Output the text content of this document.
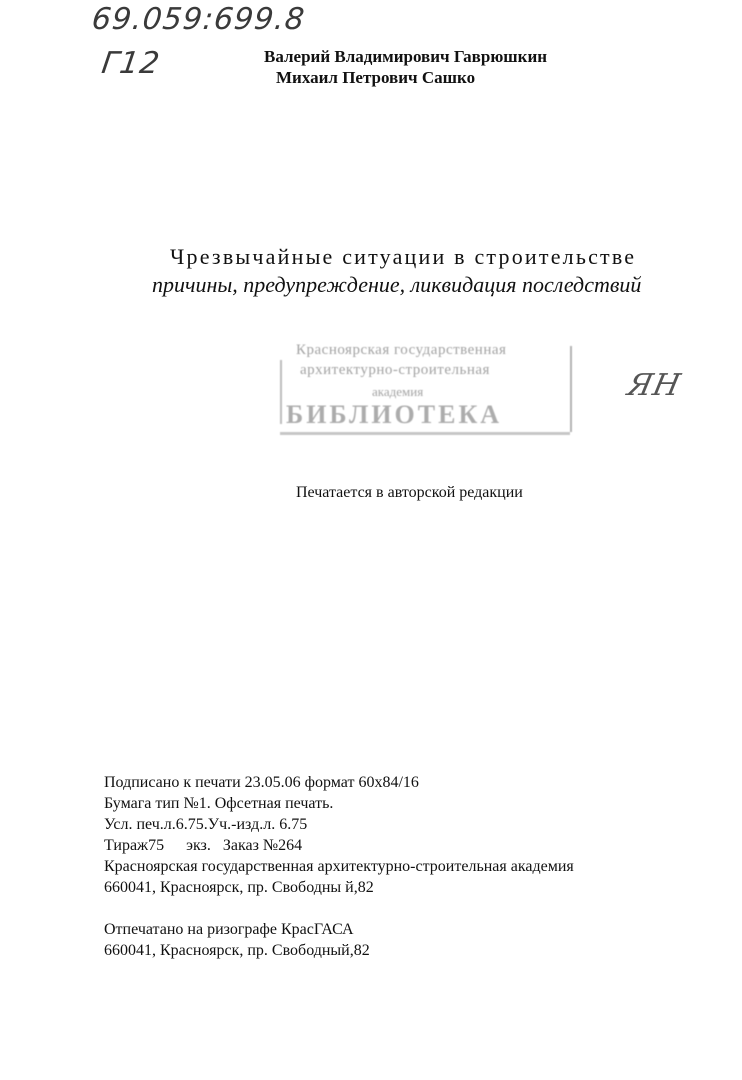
69.059:699.8
Г12	Валерий Владимирович Гаврюшкин
Михаил Петрович Сашко
Чрезвычайные ситуации в строительстве
причины, предупреждение, ликвидация последствий
Красноярская государственная
архитектурно-строительная
академия
БИБЛИОТЕКА
ЯН
Печатается в авторской редакции
Подписано к печати 23.05.06 формат 60х84/16
Бумага тип №1. Офсетная печать.
Усл. печ.л.6.75.Уч.-изд.л. 6.75
Тираж75 экз. Заказ №264
Красноярская государственная архитектурно-строительная академия
660041, Красноярск, пр. Свободны й,82
Отпечатано на ризографе КрасГАСА
660041, Красноярск, пр. Свободный,82
